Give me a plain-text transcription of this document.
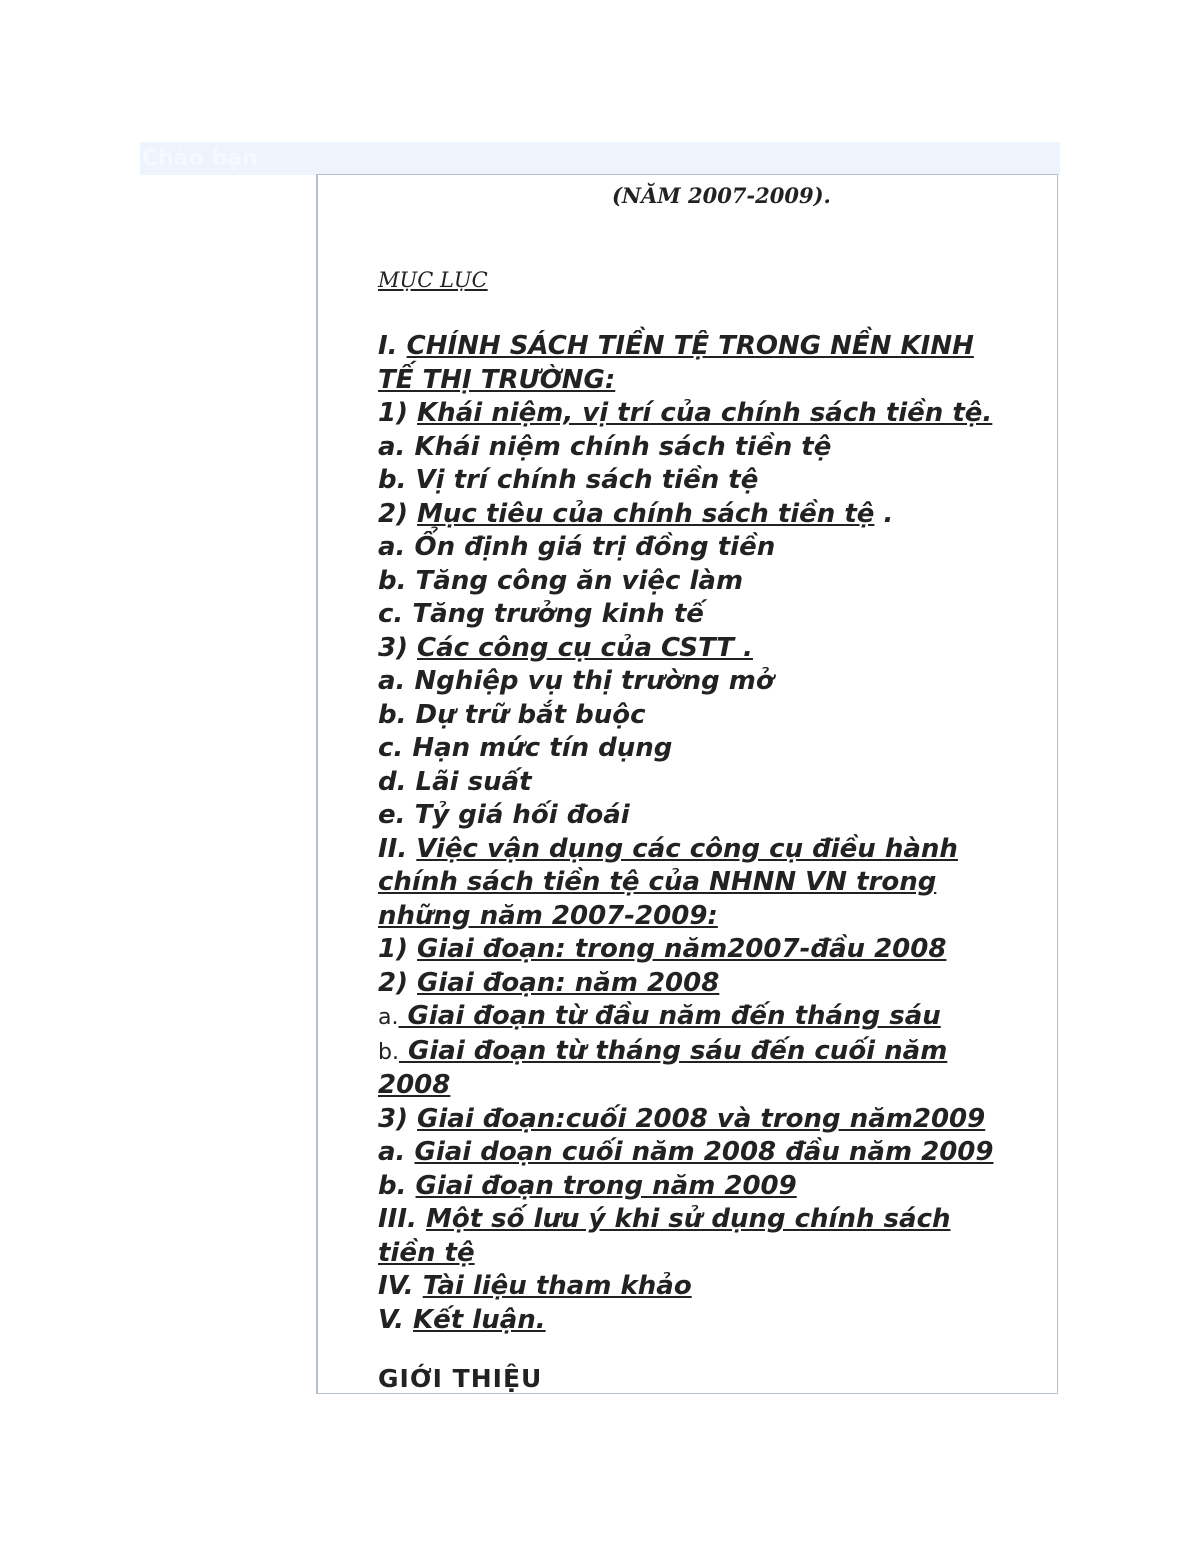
Chào bạn
(NĂM 2007-2009).
MỤC LỤC
I. CHÍNH SÁCH TIỀN TỆ TRONG NỀN KINH
TẾ THỊ TRƯỜNG:
1) Khái niệm, vị trí của chính sách tiền tệ.
a. Khái niệm chính sách tiền tệ
b. Vị trí chính sách tiền tệ
2) Mục tiêu của chính sách tiền tệ .
a. Ổn định giá trị đồng tiền
b. Tăng công ăn việc làm
c. Tăng trưởng kinh tế
3) Các công cụ của CSTT .
a. Nghiệp vụ thị trường mở
b. Dự trữ bắt buộc
c. Hạn mức tín dụng
d. Lãi suất
e. Tỷ giá hối đoái
II. Việc vận dụng các công cụ điều hành
chính sách tiền tệ của NHNN VN trong
những năm 2007-2009:
1) Giai đoạn: trong năm2007-đầu 2008
2) Giai đoạn: năm 2008
a. Giai đoạn từ đầu năm đến tháng sáu
b. Giai đoạn từ tháng sáu đến cuối năm
2008
3) Giai đoạn:cuối 2008 và trong năm2009
a. Giai doạn cuối năm 2008 đầu năm 2009
b. Giai đoạn trong năm 2009
III. Một số lưu ý khi sử dụng chính sách
tiền tệ
IV. Tài liệu tham khảo
V. Kết luận.
GIỚI THIỆU
